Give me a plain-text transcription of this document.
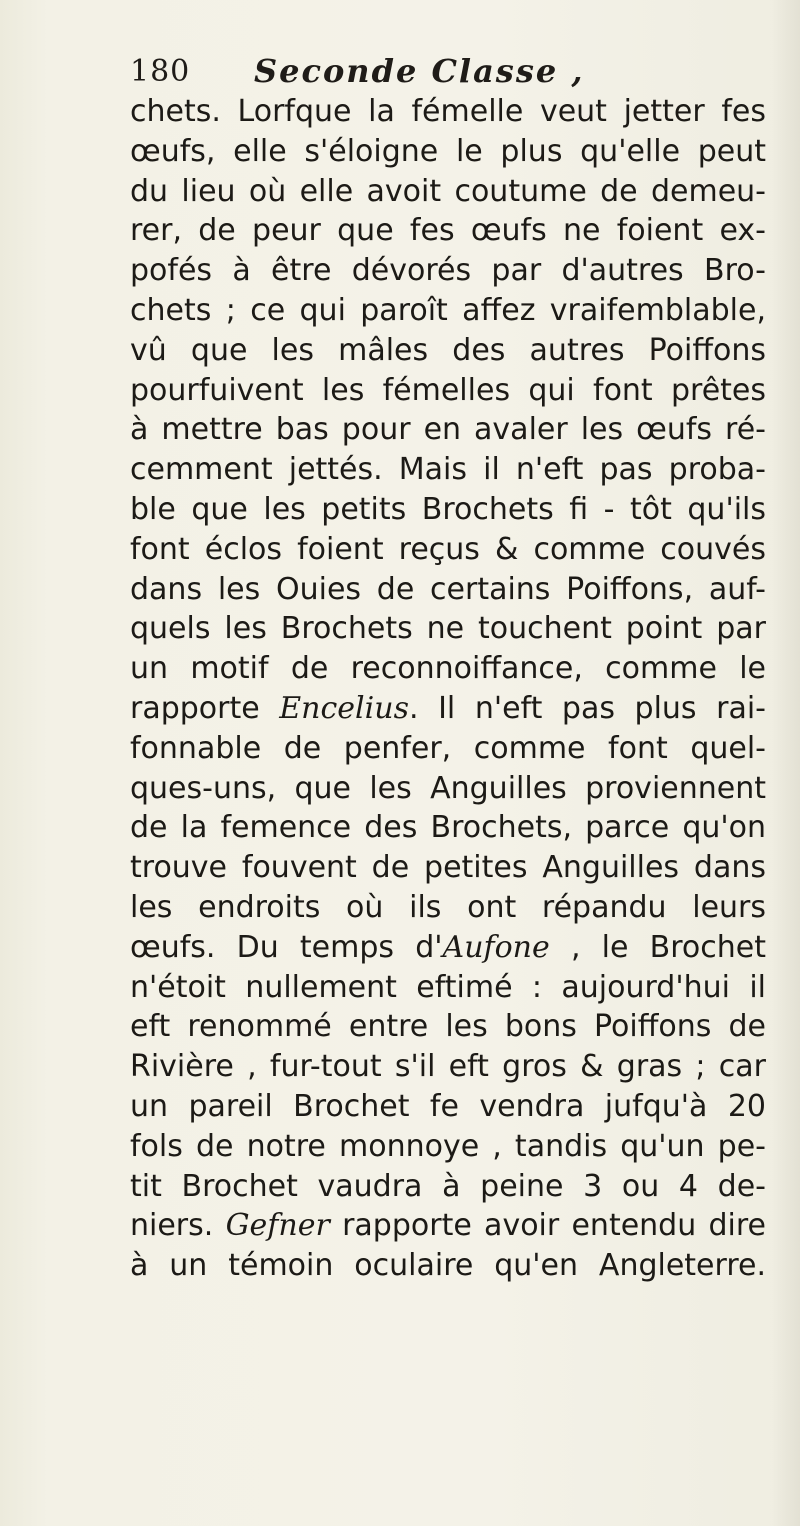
180 Seconde Classe ,
chets. Lorfque la fémelle veut jetter fes
œufs, elle s'éloigne le plus qu'elle peut
du lieu où elle avoit coutume de demeu-
rer, de peur que fes œufs ne foient ex-
pofés à être dévorés par d'autres Bro-
chets ; ce qui paroît affez vraifemblable,
vû que les mâles des autres Poiffons
pourfuivent les fémelles qui font prêtes
à mettre bas pour en avaler les œufs ré-
cemment jettés. Mais il n'eft pas proba-
ble que les petits Brochets fi - tôt qu'ils
font éclos foient reçus & comme couvés
dans les Ouies de certains Poiffons, auf-
quels les Brochets ne touchent point par
un motif de reconnoiffance, comme le
rapporte Encelius. Il n'eft pas plus rai-
fonnable de penfer, comme font quel-
ques-uns, que les Anguilles proviennent
de la femence des Brochets, parce qu'on
trouve fouvent de petites Anguilles dans
les endroits où ils ont répandu leurs
œufs. Du temps d'Aufone , le Brochet
n'étoit nullement eftimé : aujourd'hui il
eft renommé entre les bons Poiffons de
Rivière , fur-tout s'il eft gros & gras ; car
un pareil Brochet fe vendra jufqu'à 20
fols de notre monnoye , tandis qu'un pe-
tit Brochet vaudra à peine 3 ou 4 de-
niers. Gefner rapporte avoir entendu dire
à un témoin oculaire qu'en Angleterre.
